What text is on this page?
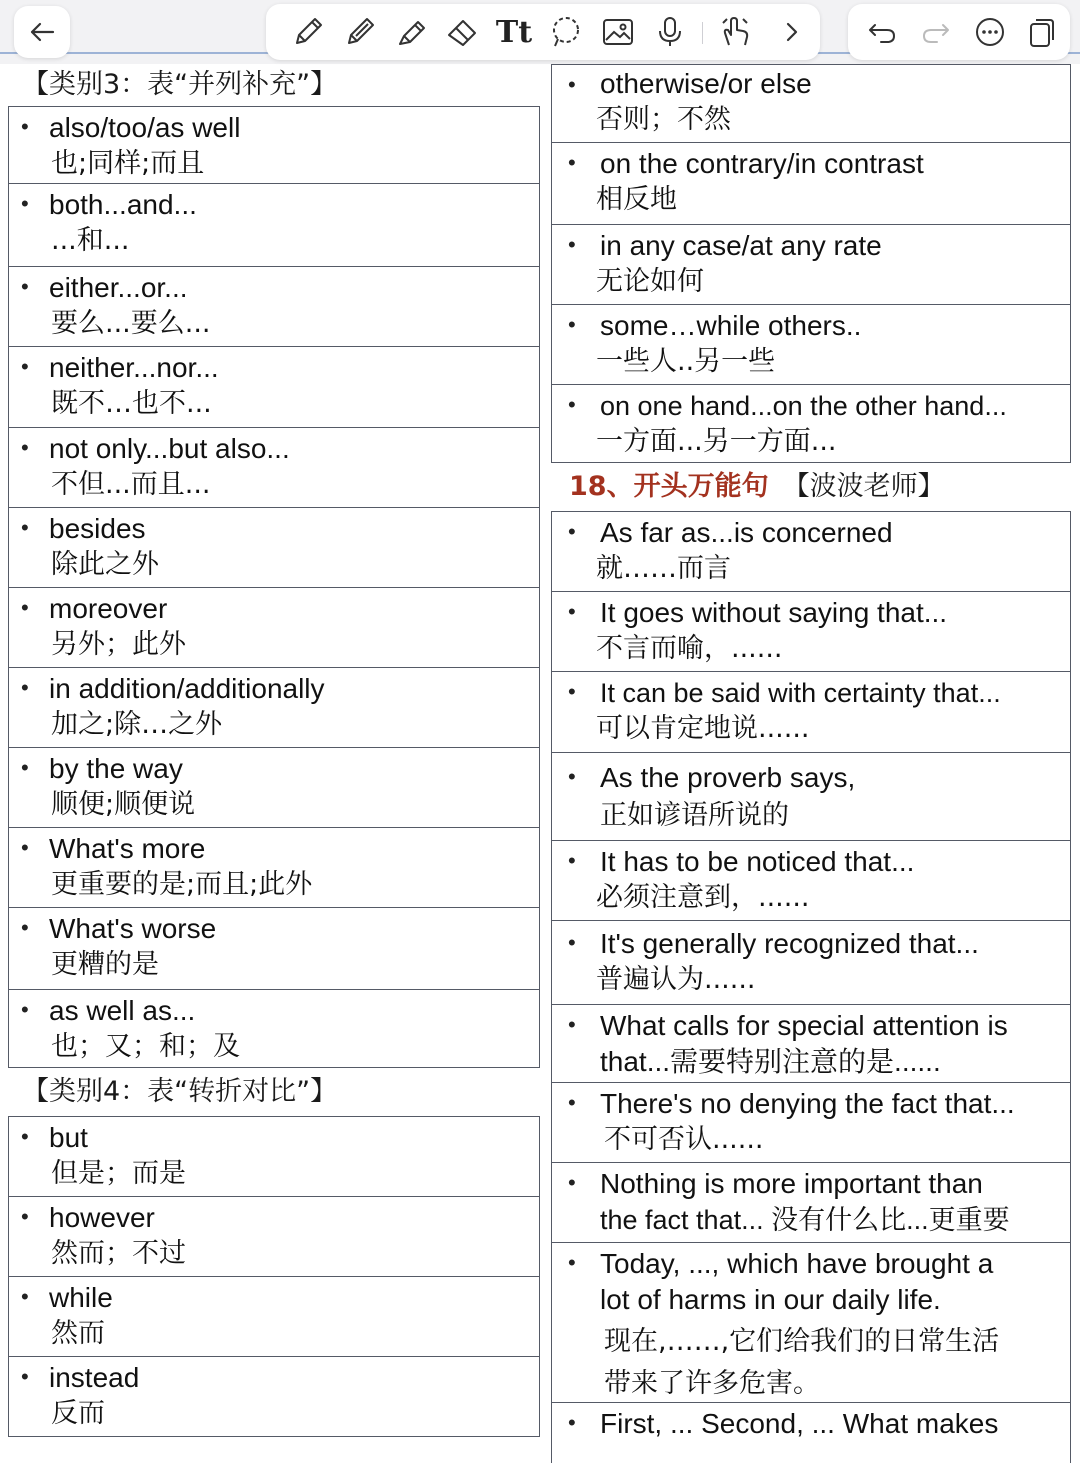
Tt
【类别3：表“并列补充”】
• also/too/as well
也;同样;而且
• both...and...
...和...
• either...or...
要么...要么...
• neither...nor...
既不…也不...
• not only...but also...
不但...而且...
• besides
除此之外
• moreover
另外；此外
• in addition/additionally
加之;除…之外
• by the way
顺便;顺便说
• What's more
更重要的是;而且;此外
• What's worse
更糟的是
• as well as...
也；又；和；及
【类别4：表“转折对比”】
• but
但是；而是
• however
然而；不过
• while
然而
• instead
反而
• otherwise/or else
否则；不然
• on the contrary/in contrast
相反地
• in any case/at any rate
无论如何
• some…while others..
一些人..另一些
• on one hand...on the other hand...
一方面...另一方面...
18、开头万能句 【波波老师】
• As far as...is concerned
就……而言
• It goes without saying that...
不言而喻，......
• It can be said with certainty that...
可以肯定地说......
• As the proverb says,
正如谚语所说的
• It has to be noticed that...
必须注意到，......
• It's generally recognized that...
普遍认为......
• What calls for special attention is
that...需要特别注意的是......
• There's no denying the fact that...
不可否认......
• Nothing is more important than
the fact that... 没有什么比...更重要
• Today, ..., which have brought a
lot of harms in our daily life.
现在,……,它们给我们的日常生活
带来了许多危害。
• First, ... Second, ... What makes
